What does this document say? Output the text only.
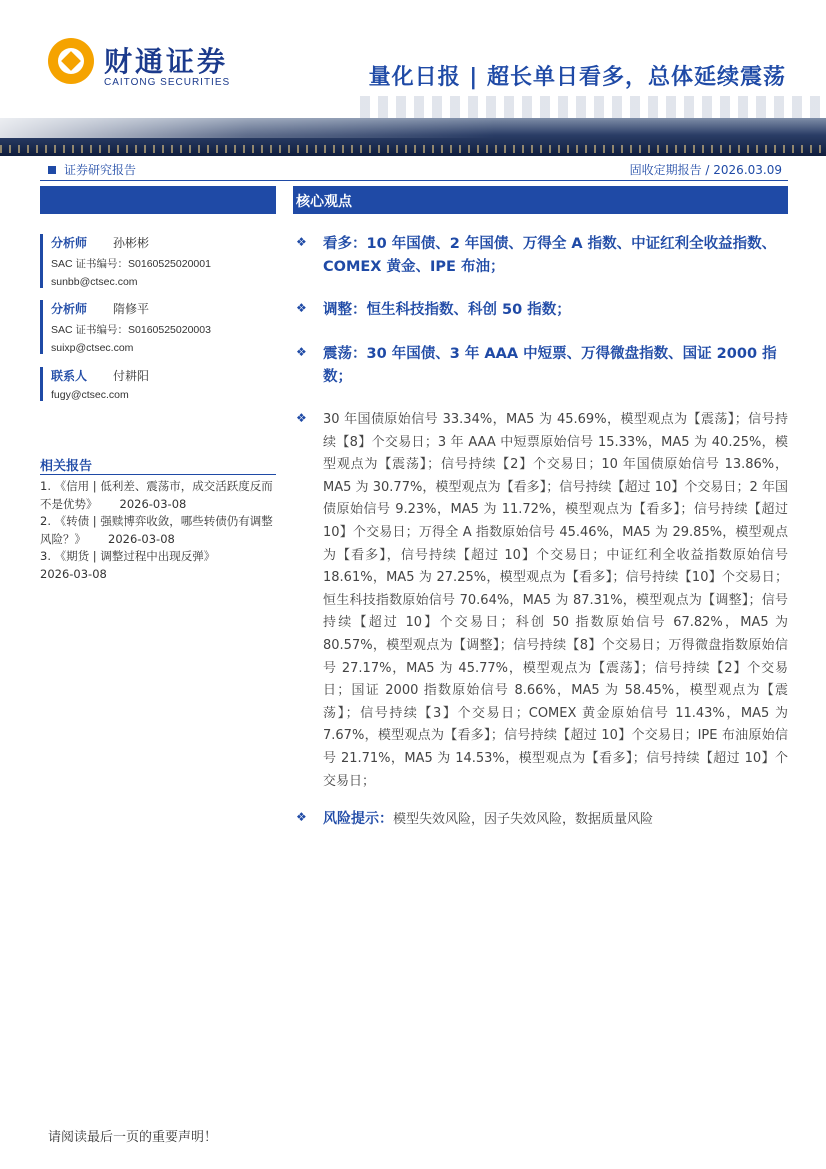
财通证券
CAITONG SECURITIES	量化日报 | 超长单日看多，总体延续震荡
证券研究报告	固收定期报告 / 2026.03.09
分析师 孙彬彬
SAC 证书编号：S0160525020001
sunbb@ctsec.com
分析师 隋修平
SAC 证书编号：S0160525020003
suixp@ctsec.com
联系人 付耕阳
fugy@ctsec.com
相关报告
1. 《信用 | 低利差、震荡市，成交活跃度反而不是优势》 2026-03-08
2. 《转债 | 强赎博弈收敛，哪些转债仍有调整风险？》 2026-03-08
3. 《期货 | 调整过程中出现反弹》
2026-03-08
核心观点
❖ 看多：10 年国债、2 年国债、万得全 A 指数、中证红利全收益指数、COMEX 黄金、IPE 布油；
❖ 调整：恒生科技指数、科创 50 指数；
❖ 震荡：30 年国债、3 年 AAA 中短票、万得微盘指数、国证 2000 指数；
❖ 30 年国债原始信号 33.34%，MA5 为 45.69%，模型观点为【震荡】；信号持续【8】个交易日；3 年 AAA 中短票原始信号 15.33%，MA5 为 40.25%，模型观点为【震荡】；信号持续【2】个交易日；10 年国债原始信号 13.86%，MA5 为 30.77%，模型观点为【看多】；信号持续【超过 10】个交易日；2 年国债原始信号 9.23%，MA5 为 11.72%，模型观点为【看多】；信号持续【超过 10】个交易日；万得全 A 指数原始信号 45.46%，MA5 为 29.85%，模型观点为【看多】，信号持续【超过 10】个交易日；中证红利全收益指数原始信号 18.61%，MA5 为 27.25%，模型观点为【看多】；信号持续【10】个交易日；恒生科技指数原始信号 70.64%，MA5 为 87.31%，模型观点为【调整】；信号持续【超过 10】个交易日；科创 50 指数原始信号 67.82%，MA5 为 80.57%，模型观点为【调整】；信号持续【8】个交易日；万得微盘指数原始信号 27.17%，MA5 为 45.77%，模型观点为【震荡】；信号持续【2】个交易日；国证 2000 指数原始信号 8.66%，MA5 为 58.45%，模型观点为【震荡】；信号持续【3】个交易日；COMEX 黄金原始信号 11.43%，MA5 为 7.67%，模型观点为【看多】；信号持续【超过 10】个交易日；IPE 布油原始信号 21.71%，MA5 为 14.53%，模型观点为【看多】；信号持续【超过 10】个交易日；
❖ 风险提示：模型失效风险，因子失效风险，数据质量风险
请阅读最后一页的重要声明！
